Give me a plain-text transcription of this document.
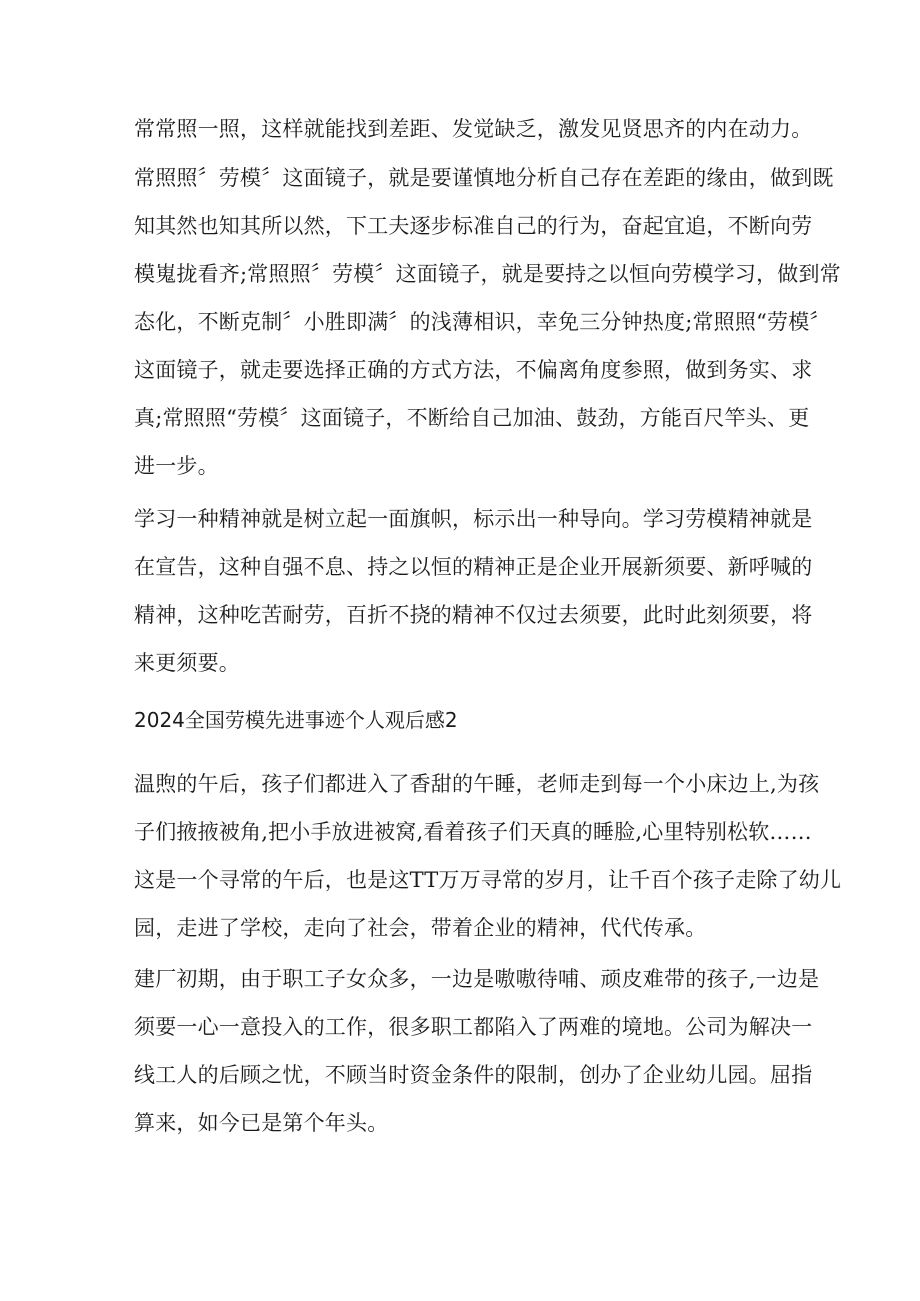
常常照一照，这样就能找到差距、发觉缺乏，激发见贤思齐的内在动力。
常照照〞劳模〞这面镜子，就是要谨慎地分析自己存在差距的缘由，做到既
知其然也知其所以然，下工夫逐步标准自己的行为，奋起宜追，不断向劳
模嵬拢看齐;常照照〞劳模〞这面镜子，就是要持之以恒向劳模学习，做到常
态化，不断克制〞小胜即满〞的浅薄相识，幸免三分钟热度;常照照“劳模〞
这面镜子，就走要选择正确的方式方法，不偏离角度参照，做到务实、求
真;常照照“劳模〞这面镜子，不断给自己加油、鼓劲，方能百尺竿头、更
进一步。
学习一种精神就是树立起一面旗帜，标示出一种导向。学习劳模精神就是
在宣告，这种自强不息、持之以恒的精神正是企业开展新须要、新呼喊的
精神，这种吃苦耐劳，百折不挠的精神不仅过去须要，此时此刻须要，将
来更须要。
2024全国劳模先进事迹个人观后感2
温煦的午后，孩子们都进入了香甜的午睡，老师走到每一个小床边上,为孩
子们掖掖被角,把小手放进被窝,看着孩子们天真的睡脸,心里特别松软……
这是一个寻常的午后，也是这TT万万寻常的岁月，让千百个孩子走除了幼儿
园，走进了学校，走向了社会，带着企业的精神，代代传承。
建厂初期，由于职工子女众多，一边是嗷嗷待哺、顽皮难带的孩子,一边是
须要一心一意投入的工作，很多职工都陷入了两难的境地。公司为解决一
线工人的后顾之忧，不顾当时资金条件的限制，创办了企业幼儿园。屈指
算来，如今已是第个年头。
